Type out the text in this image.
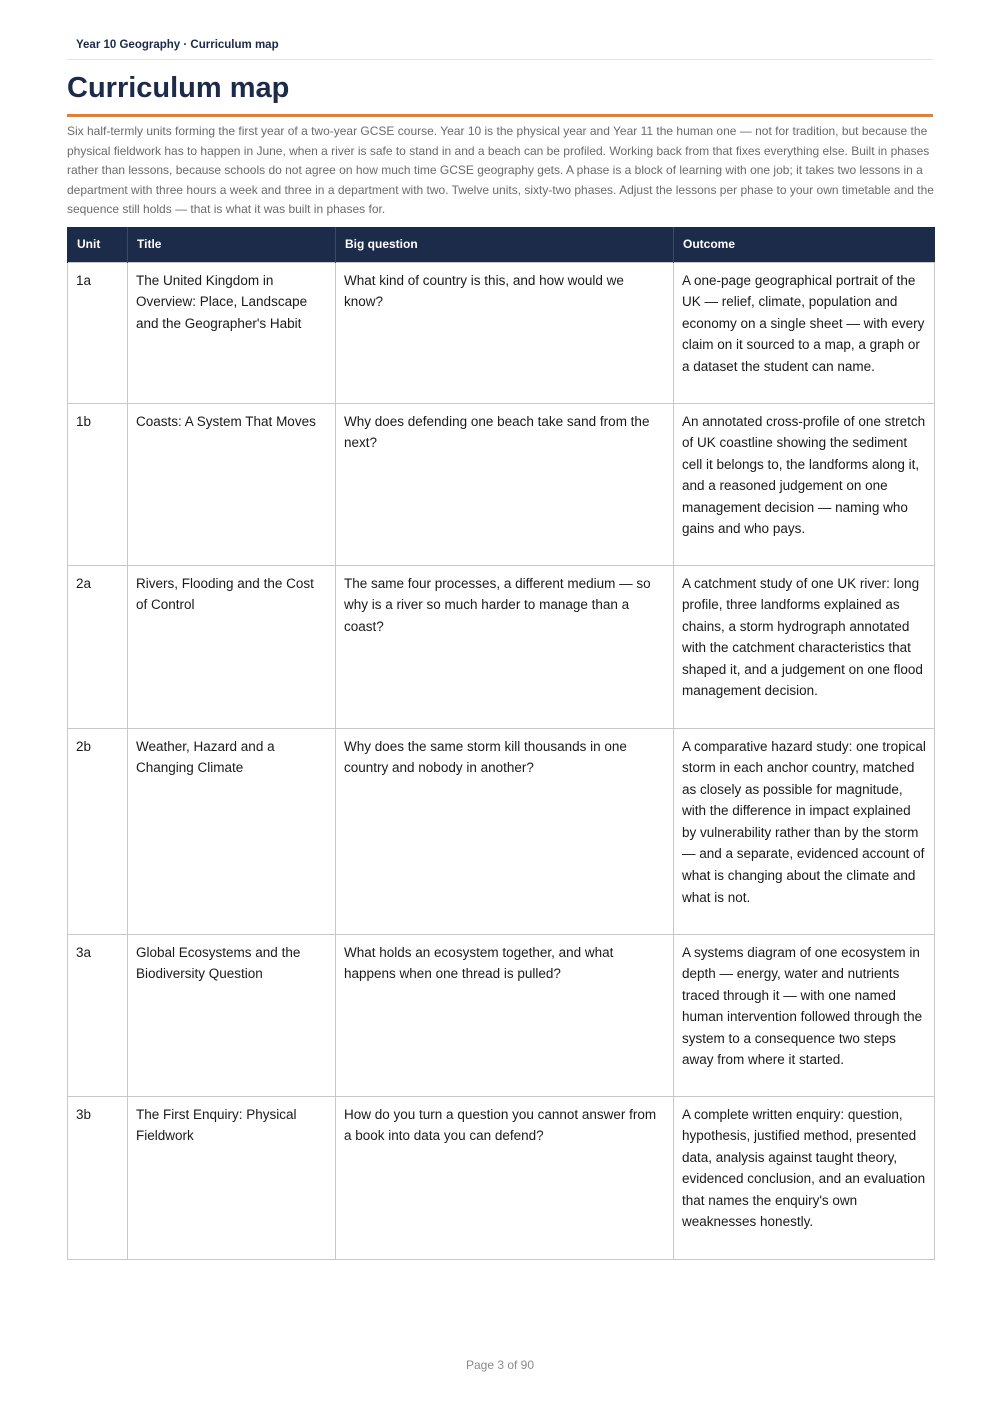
Year 10 Geography · Curriculum map
Curriculum map

Six half-termly units forming the first year of a two-year GCSE course. Year 10 is the physical year and Year 11 the human one — not for tradition, but because the physical fieldwork has to happen in June, when a river is safe to stand in and a beach can be profiled. Working back from that fixes everything else. Built in phases rather than lessons, because schools do not agree on how much time GCSE geography gets. A phase is a block of learning with one job; it takes two lessons in a department with three hours a week and three in a department with two. Twelve units, sixty-two phases. Adjust the lessons per phase to your own timetable and the sequence still holds — that is what it was built in phases for.

Unit	Title	Big question	Outcome
1a	The United Kingdom in Overview: Place, Landscape and the Geographer's Habit	What kind of country is this, and how would we know?	A one-page geographical portrait of the UK — relief, climate, population and economy on a single sheet — with every claim on it sourced to a map, a graph or a dataset the student can name.
1b	Coasts: A System That Moves	Why does defending one beach take sand from the next?	An annotated cross-profile of one stretch of UK coastline showing the sediment cell it belongs to, the landforms along it, and a reasoned judgement on one management decision — naming who gains and who pays.
2a	Rivers, Flooding and the Cost of Control	The same four processes, a different medium — so why is a river so much harder to manage than a coast?	A catchment study of one UK river: long profile, three landforms explained as chains, a storm hydrograph annotated with the catchment characteristics that shaped it, and a judgement on one flood management decision.
2b	Weather, Hazard and a Changing Climate	Why does the same storm kill thousands in one country and nobody in another?	A comparative hazard study: one tropical storm in each anchor country, matched as closely as possible for magnitude, with the difference in impact explained by vulnerability rather than by the storm — and a separate, evidenced account of what is changing about the climate and what is not.
3a	Global Ecosystems and the Biodiversity Question	What holds an ecosystem together, and what happens when one thread is pulled?	A systems diagram of one ecosystem in depth — energy, water and nutrients traced through it — with one named human intervention followed through the system to a consequence two steps away from where it started.
3b	The First Enquiry: Physical Fieldwork	How do you turn a question you cannot answer from a book into data you can defend?	A complete written enquiry: question, hypothesis, justified method, presented data, analysis against taught theory, evidenced conclusion, and an evaluation that names the enquiry's own weaknesses honestly.
Page 3 of 90
